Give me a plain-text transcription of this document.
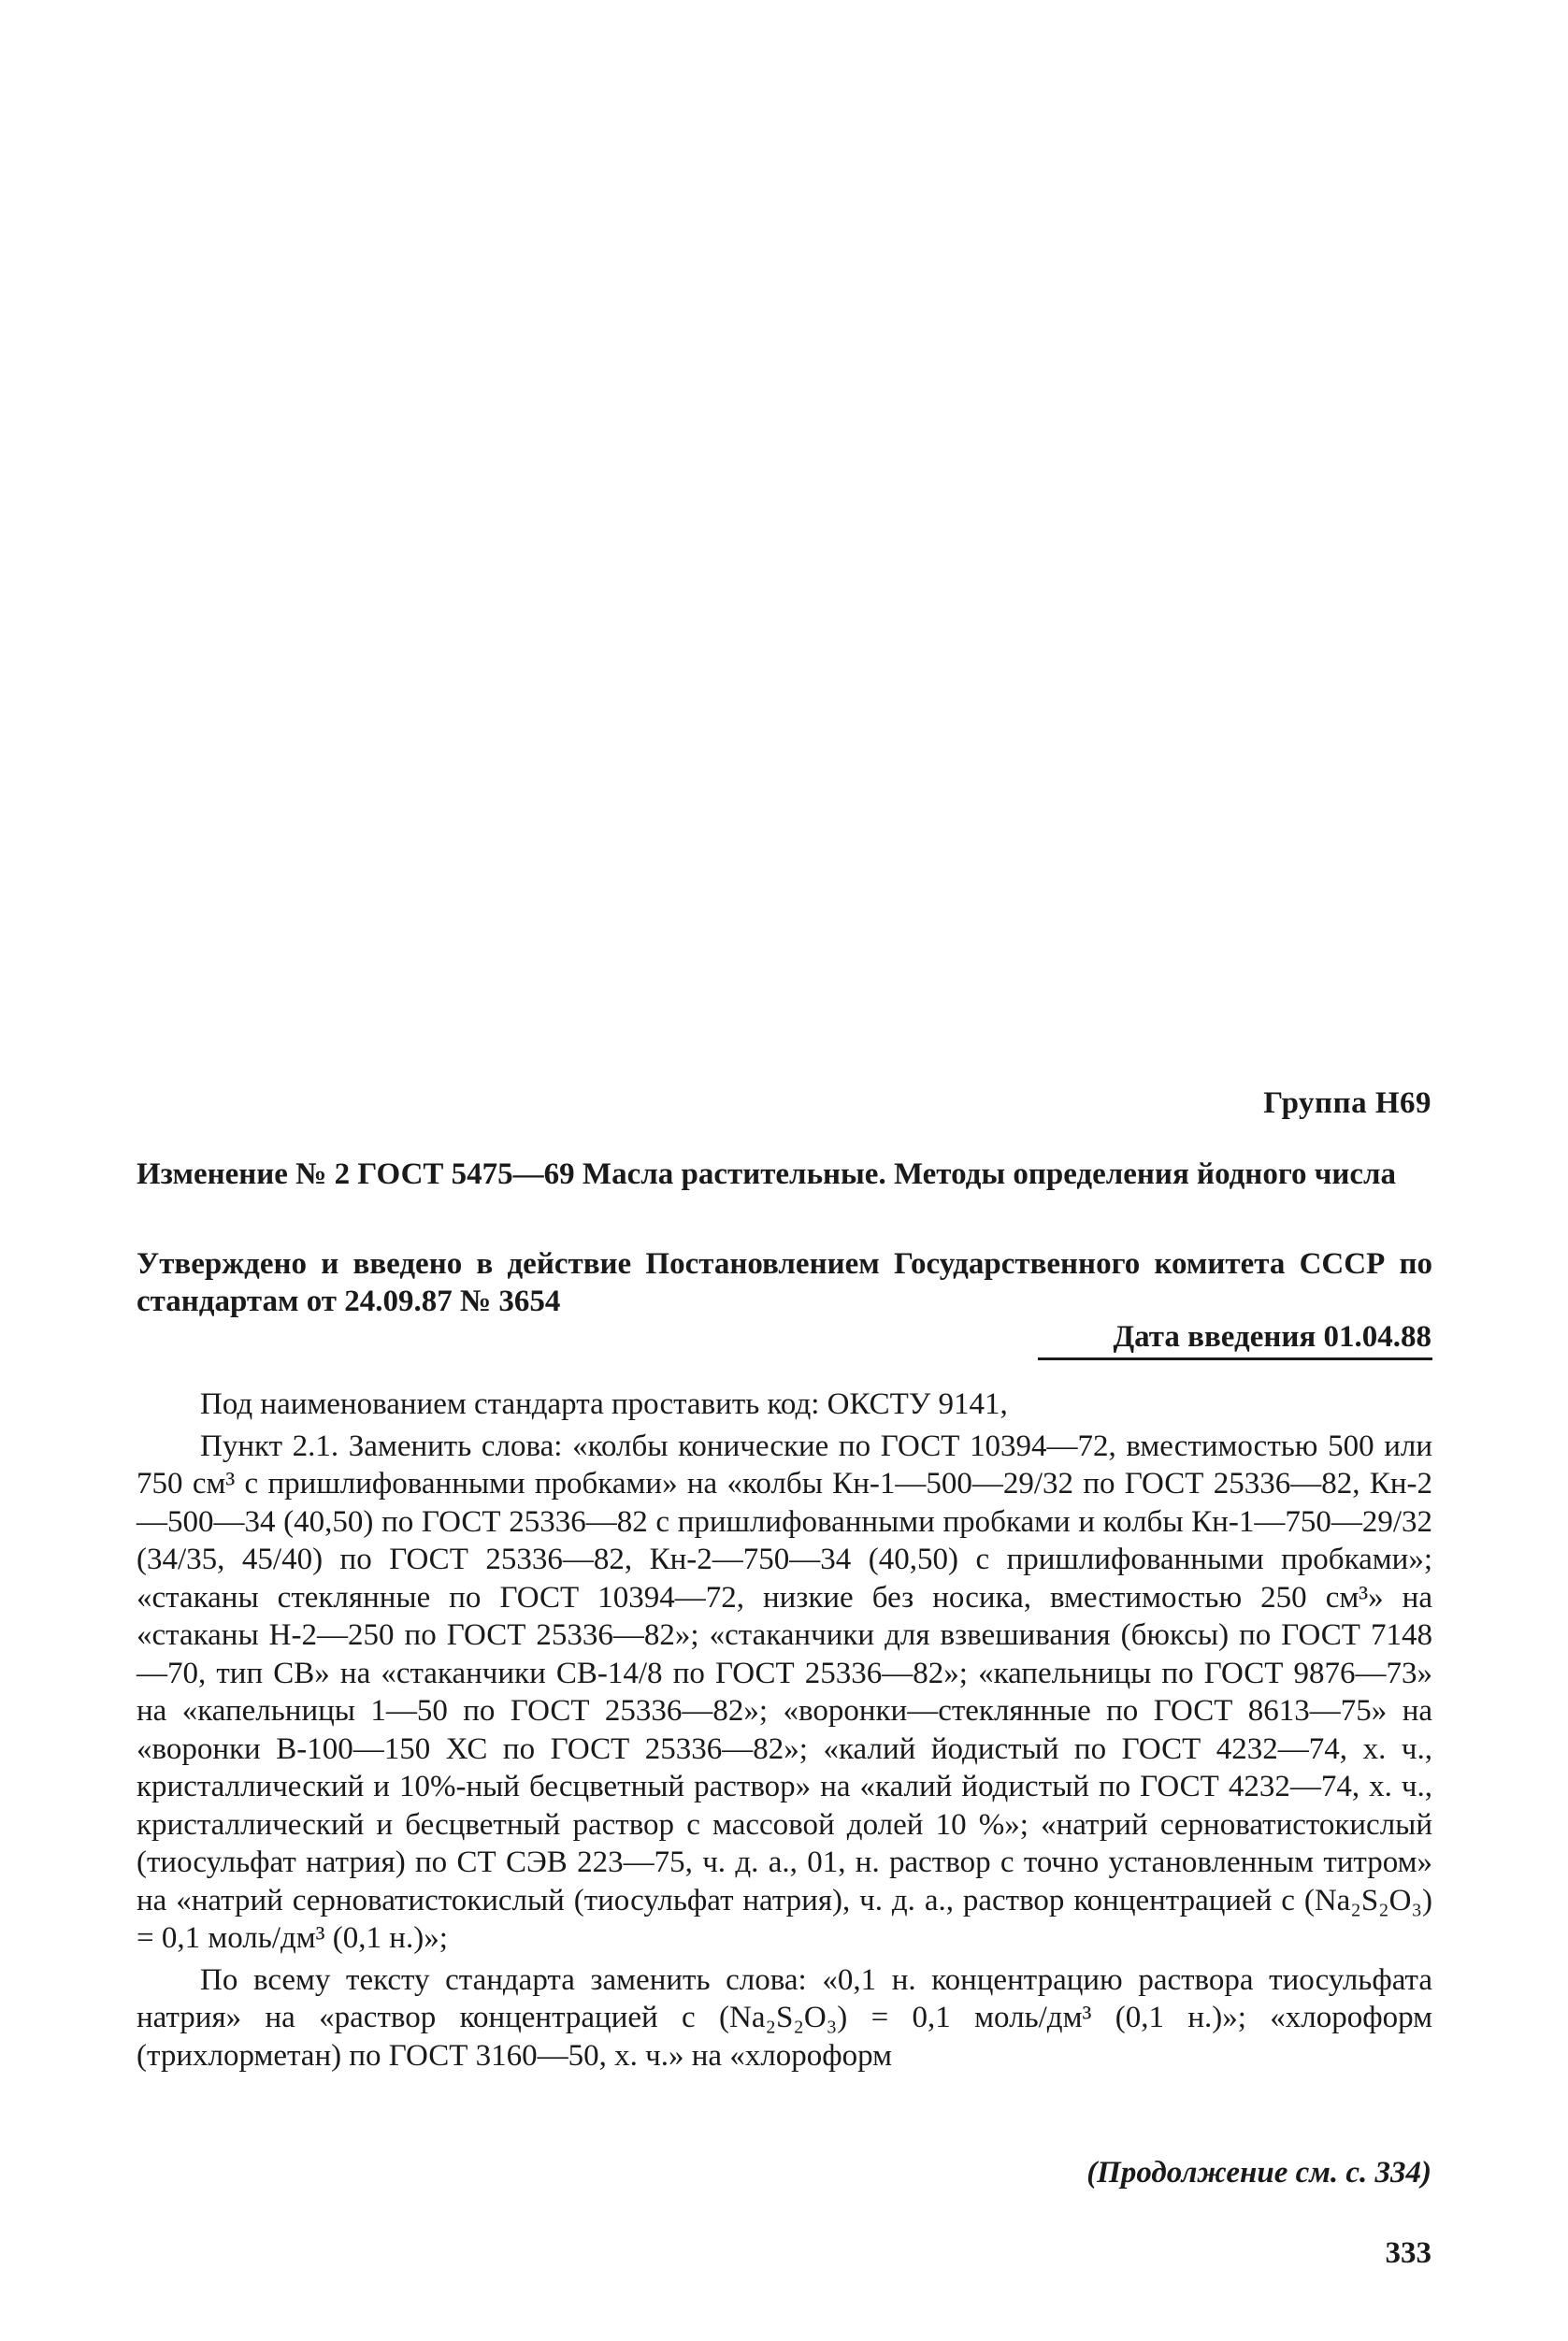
Группа Н69
Изменение № 2 ГОСТ 5475—69 Масла растительные. Методы определения йодного числа
Утверждено и введено в действие Постановлением Государственного комитета СССР по стандартам от 24.09.87 № 3654
Дата введения 01.04.88

Под наименованием стандарта проставить код: ОКСТУ 9141,

Пункт 2.1. Заменить слова: «колбы конические по ГОСТ 10394—72, вместимостью 500 или 750 см³ с пришлифованными пробками» на «колбы Кн-1—500—29/32 по ГОСТ 25336—82, Кн-2—500—34 (40,50) по ГОСТ 25336—82 с пришлифованными пробками и колбы Кн-1—750—29/32 (34/35, 45/40) по ГОСТ 25336—82, Кн-2—750—34 (40,50) с пришлифованными пробками»; «стаканы стеклянные по ГОСТ 10394—72, низкие без носика, вместимостью 250 см³» на «стаканы Н-2—250 по ГОСТ 25336—82»; «стаканчики для взвешивания (бюксы) по ГОСТ 7148—70, тип СВ» на «стаканчики СВ-14/8 по ГОСТ 25336—82»; «капельницы по ГОСТ 9876—73» на «капельницы 1—50 по ГОСТ 25336—82»; «воронки—стеклянные по ГОСТ 8613—75» на «воронки В-100—150 ХС по ГОСТ 25336—82»; «калий йодистый по ГОСТ 4232—74, х. ч., кристаллический и 10%-ный бесцветный раствор» на «калий йодистый по ГОСТ 4232—74, х. ч., кристаллический и бесцветный раствор с массовой долей 10 %»; «натрий серноватистокислый (тиосульфат натрия) по СТ СЭВ 223—75, ч. д. а., 01, н. раствор с точно установленным титром» на «натрий серноватистокислый (тиосульфат натрия), ч. д. а., раствор концентрацией с (Na₂S₂O₃) = 0,1 моль/дм³ (0,1 н.)»;

По всему тексту стандарта заменить слова: «0,1 н. концентрацию раствора тиосульфата натрия» на «раствор концентрацией с (Na₂S₂O₃) = 0,1 моль/дм³ (0,1 н.)»; «хлороформ (трихлорметан) по ГОСТ 3160—50, х. ч.» на «хлороформ

(Продолжение см. с. 334)
333
